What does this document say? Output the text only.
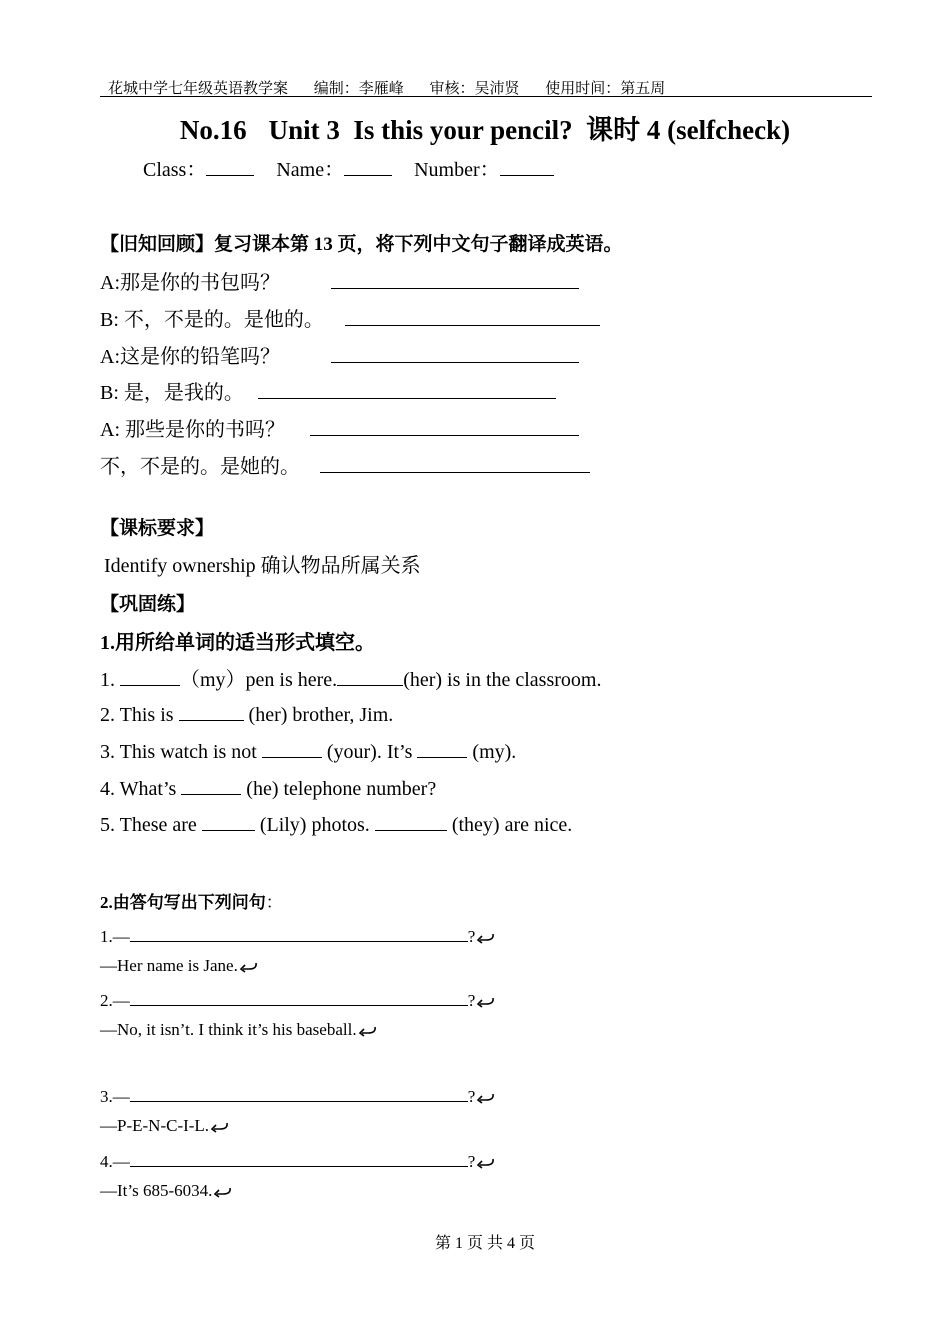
花城中学七年级英语教学案 编制：李雁峰 审核：吴沛贤 使用时间：第五周
No.16 Unit 3  Is this your pencil?  课时 4 (selfcheck)
Class：	Name：	Number：
【旧知回顾】复习课本第 13 页，将下列中文句子翻译成英语。
A:那是你的书包吗？
B: 不，不是的。是他的。
A:这是你的铅笔吗？
B: 是，是我的。
A: 那些是你的书吗？
不，不是的。是她的。
【课标要求】
Identify ownership 确认物品所属关系
【巩固练】
1.用所给单词的适当形式填空。
1.	（my）pen is here.	(her) is in the classroom.
2. This is	(her) brother, Jim.
3. This watch is not	(your). It’s	(my).
4. What’s	(he) telephone number?
5. These are	(Lily) photos.	(they) are nice.
2.由答句写出下列问句：
1.—	?
—Her name is Jane.
2.—	?
—No, it isn’t. I think it’s his baseball.
3.—	?
—P-E-N-C-I-L.
4.—	?
—It’s 685-6034.
第 1 页 共 4 页
